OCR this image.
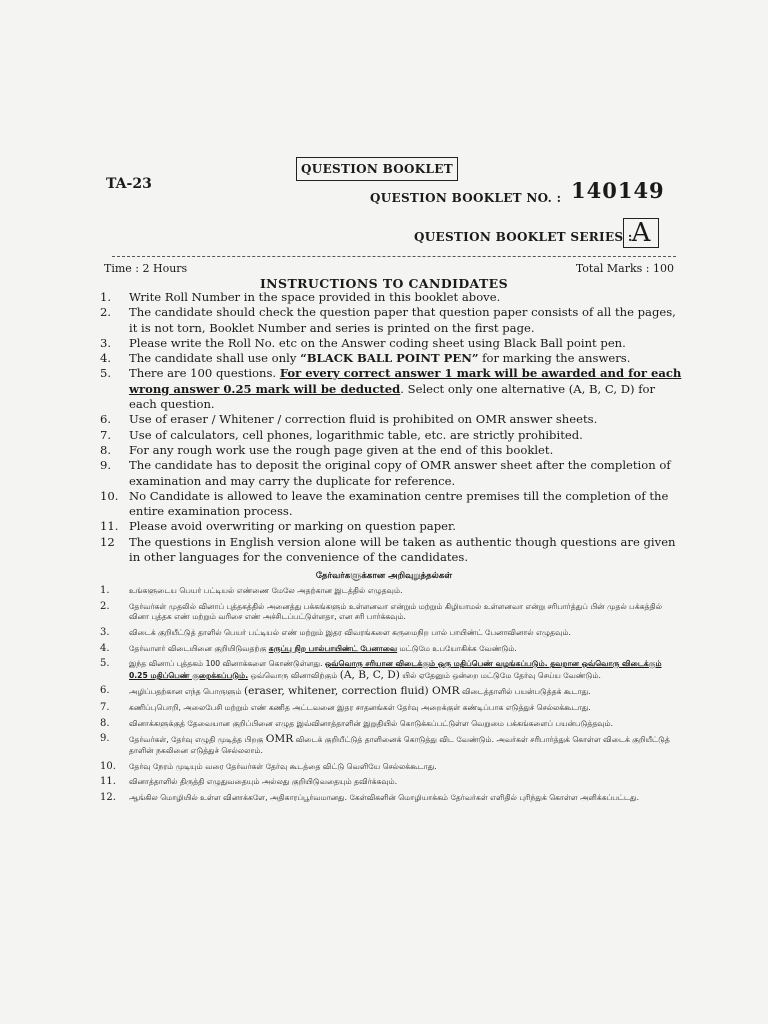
QUESTION BOOKLET
TA-23
QUESTION BOOKLET NO. : 140149
QUESTION BOOKLET SERIES : A
Time : 2 Hours	Total Marks : 100
INSTRUCTIONS TO CANDIDATES
1.	Write Roll Number in the space provided in this booklet above.
2.	The candidate should check the question paper that question paper consists of all the pages, it is not torn, Booklet Number and series is printed on the first page.
3.	Please write the Roll No. etc on the Answer coding sheet using Black Ball point pen.
4.	The candidate shall use only “BLACK BALL POINT PEN” for marking the answers.
5.	There are 100 questions. For every correct answer 1 mark will be awarded and for each wrong answer 0.25 mark will be deducted. Select only one alternative (A, B, C, D) for each question.
6.	Use of eraser / Whitener / correction fluid is prohibited on OMR answer sheets.
7.	Use of calculators, cell phones, logarithmic table, etc. are strictly prohibited.
8.	For any rough work use the rough page given at the end of this booklet.
9.	The candidate has to deposit the original copy of OMR answer sheet after the completion of examination and may carry the duplicate for reference.
10. No Candidate is allowed to leave the examination centre premises till the completion of the entire examination process.
11. Please avoid overwriting or marking on question paper.
12	The questions in English version alone will be taken as authentic though questions are given in other languages for the convenience of the candidates.
தேர்வர்களுக்கான அறிவுறுத்தல்கள்
1.	உங்களுடைய பெயர் பட்டியல் எண்ணை மேலே அதற்கான இடத்தில் எழுதவும்.
2.	தேர்வர்கள் முதலில் வினாப் புத்தகத்தில் அனைத்து பக்கங்களும் உள்ளனவா என்றும் மற்றும் கிழியாமல் உள்ளனவா என்று சரிபார்த்துப் பின் முதல் பக்கத்தில் வினா புத்தக எண் மற்றும் வரிசை எண் அச்சிடப்பட்டுள்ளதா, என சரி பார்க்கவும்.
3.	விடைக் குறியீட்டுத் தாளில் பெயர் பட்டியல் எண் மற்றும் இதர விவரங்களை கருமைநிற பால் பாயிண்ட் பேனாவினால் எழுதவும்.
4.	தேர்வாளர் விடையினை குறியிடுவதற்கு கருப்பு நிற பால்பாயிண்ட் பேனாவை மட்டுமே உபயோகிக்க வேண்டும்.
5.	இந்த வினாப் புத்தகம் 100 வினாக்களை கொண்டுள்ளது. ஒவ்வொரு சரியான விடைக்கும் ஒரு மதிப்பெண் வழங்கப்படும். தவறான ஒவ்வொரு விடைக்கும் 0.25 மதிப்பெண் குறைக்கப்படும். ஒவ்வொரு வினாவிற்கும் (A, B, C, D) யில் ஏதேனும் ஒன்றை மட்டுமே தேர்வு செய்ய வேண்டும்.
6.	அழிப்பதற்கான எந்த பொருளும் (eraser, whitener, correction fluid) OMR விடைத்தாளில் பயன்படுத்தக் கூடாது.
7.	கணிப்புபொறி, அலைபேசி மற்றும் எண் கணித அட்டவனை இதர சாதனங்கள் தேர்வு அறைக்குள் கண்டிப்பாக எடுத்துச் செல்லக்கூடாது.
8.	வினாக்களுக்குத் தேவையான குறிப்பினை எழுத இவ்வினாத்தாளின் இறுதியில் கொடுக்கப்பட்டுள்ள வெறுமை பக்கங்களைப் பயன்படுத்தவும்.
9.	தேர்வர்கள், தேர்வு எழுதி முடித்த பிறகு OMR விடைக் குறியீட்டுத் தாளினைக் கொடுத்து விட வேண்டும். அவர்கள் சரிபார்த்துக் கொள்ள விடைக் குறியீட்டுத் தாளின் நகலினை எடுத்துச் செல்லலாம்.
10.	தேர்வு நேரம் முடியும் வரை தேர்வர்கள் தேர்வு கூடத்தை விட்டு வெளியே செல்லக்கூடாது.
11.	வினாத்தாளில் திருத்தி எழுதுவதையும் அல்லது குறியிடுவதையும் தவிர்க்கவும்.
12.	ஆங்கில மொழியில் உள்ள வினாக்களே, அதிகாரப்பூர்வமானது. கேள்விகளின் மொழியாக்கம் தேர்வர்கள் எளிதில் புரிந்துக் கொள்ள அளிக்கப்பட்டது.
